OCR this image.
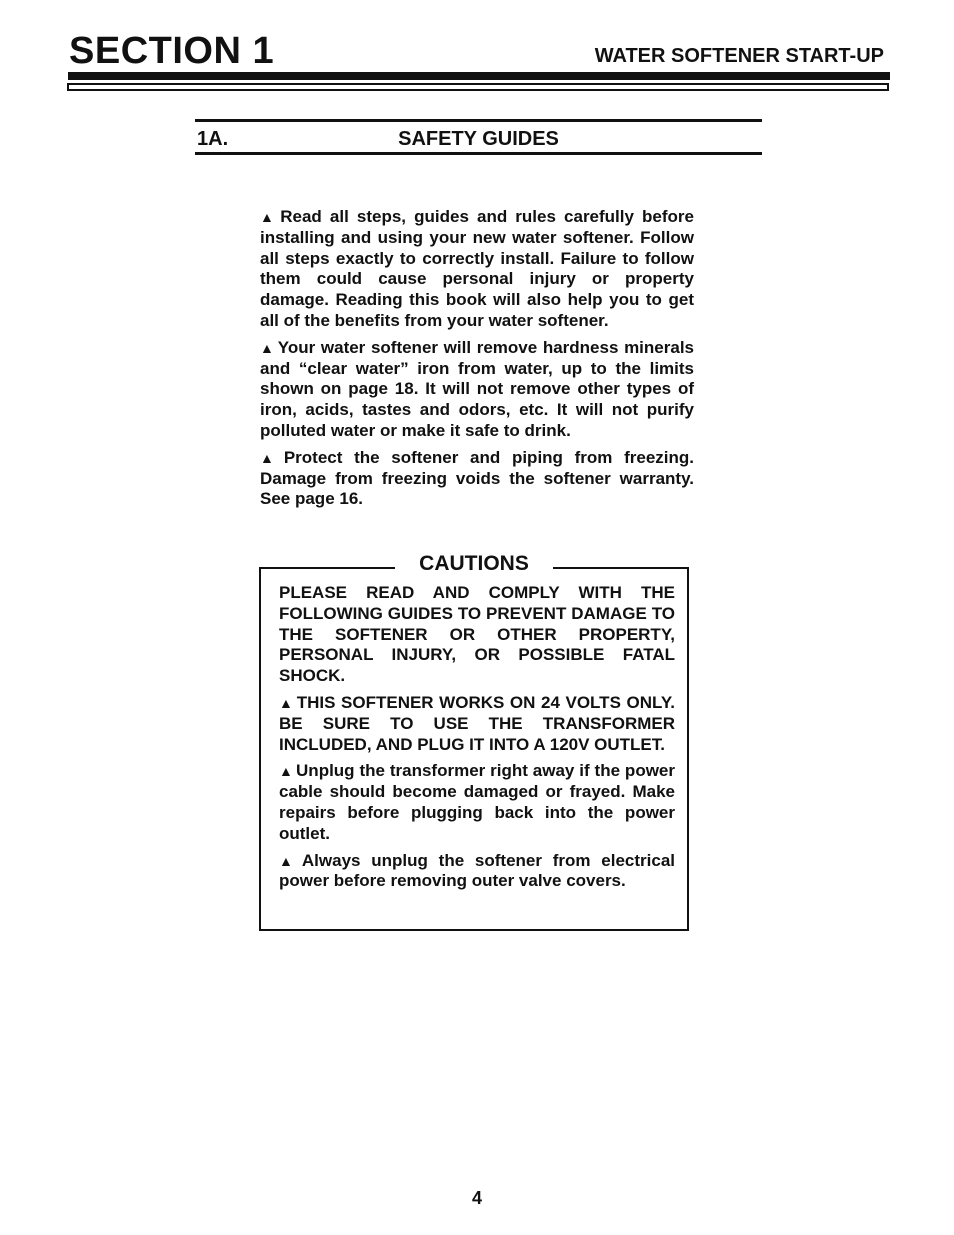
SECTION 1	WATER SOFTENER START-UP
1A.	SAFETY GUIDES

▲ Read all steps, guides and rules carefully before installing and using your new water softener. Follow all steps exactly to correctly install. Failure to follow them could cause personal injury or property damage. Reading this book will also help you to get all of the benefits from your water softener.

▲ Your water softener will remove hardness minerals and “clear water” iron from water, up to the limits shown on page 18. It will not remove other types of iron, acids, tastes and odors, etc. It will not purify polluted water or make it safe to drink.

▲ Protect the softener and piping from freezing. Damage from freezing voids the softener warranty. See page 16.

CAUTIONS

PLEASE READ AND COMPLY WITH THE FOLLOWING GUIDES TO PREVENT DAMAGE TO THE SOFTENER OR OTHER PROPERTY, PERSONAL INJURY, OR POSSIBLE FATAL SHOCK.

▲ THIS SOFTENER WORKS ON 24 VOLTS ONLY. BE SURE TO USE THE TRANSFORMER INCLUDED, AND PLUG IT INTO A 120V OUTLET.

▲ Unplug the transformer right away if the power cable should become damaged or frayed. Make repairs before plugging back into the power outlet.

▲ Always unplug the softener from electrical power before removing outer valve covers.

4
